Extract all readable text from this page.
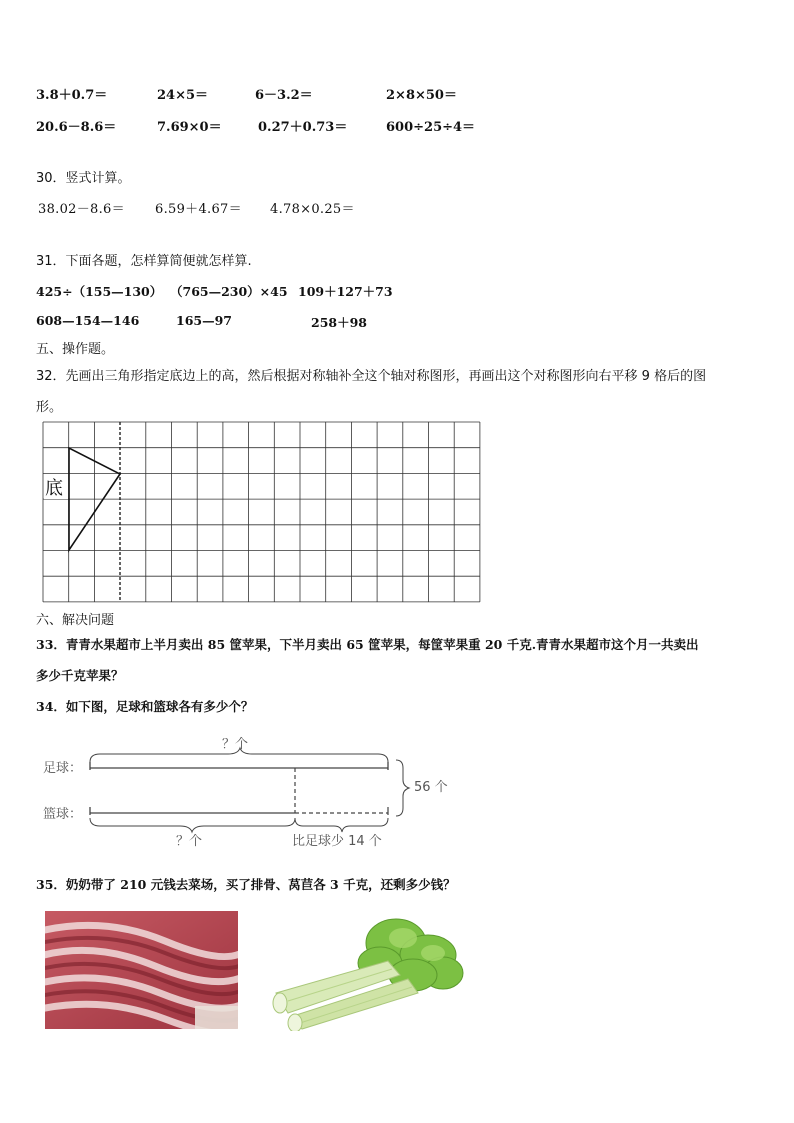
3.8＋0.7＝	24×5＝	6－3.2＝	2×8×50＝
20.6－8.6＝	7.69×0＝	0.27＋0.73＝	600÷25÷4＝
30．竖式计算。
38.02－8.6＝ 6.59＋4.67＝ 4.78×0.25＝
31．下面各题，怎样算简便就怎样算.
425÷（155—130） （765—230）×45 109＋127＋73
608—154—146	165—97	258＋98
五、操作题。
32．先画出三角形指定底边上的高，然后根据对称轴补全这个轴对称图形，再画出这个对称图形向右平移 9 格后的图
形。
底
六、解决问题
33．青青水果超市上半月卖出 85 筐苹果，下半月卖出 65 筐苹果，每筐苹果重 20 千克.青青水果超市这个月一共卖出
多少千克苹果？
34．如下图，足球和篮球各有多少个？
足球：
篮球：
？个
56 个
？个	比足球少 14 个
35．奶奶带了 210 元钱去菜场，买了排骨、莴苣各 3 千克，还剩多少钱？
